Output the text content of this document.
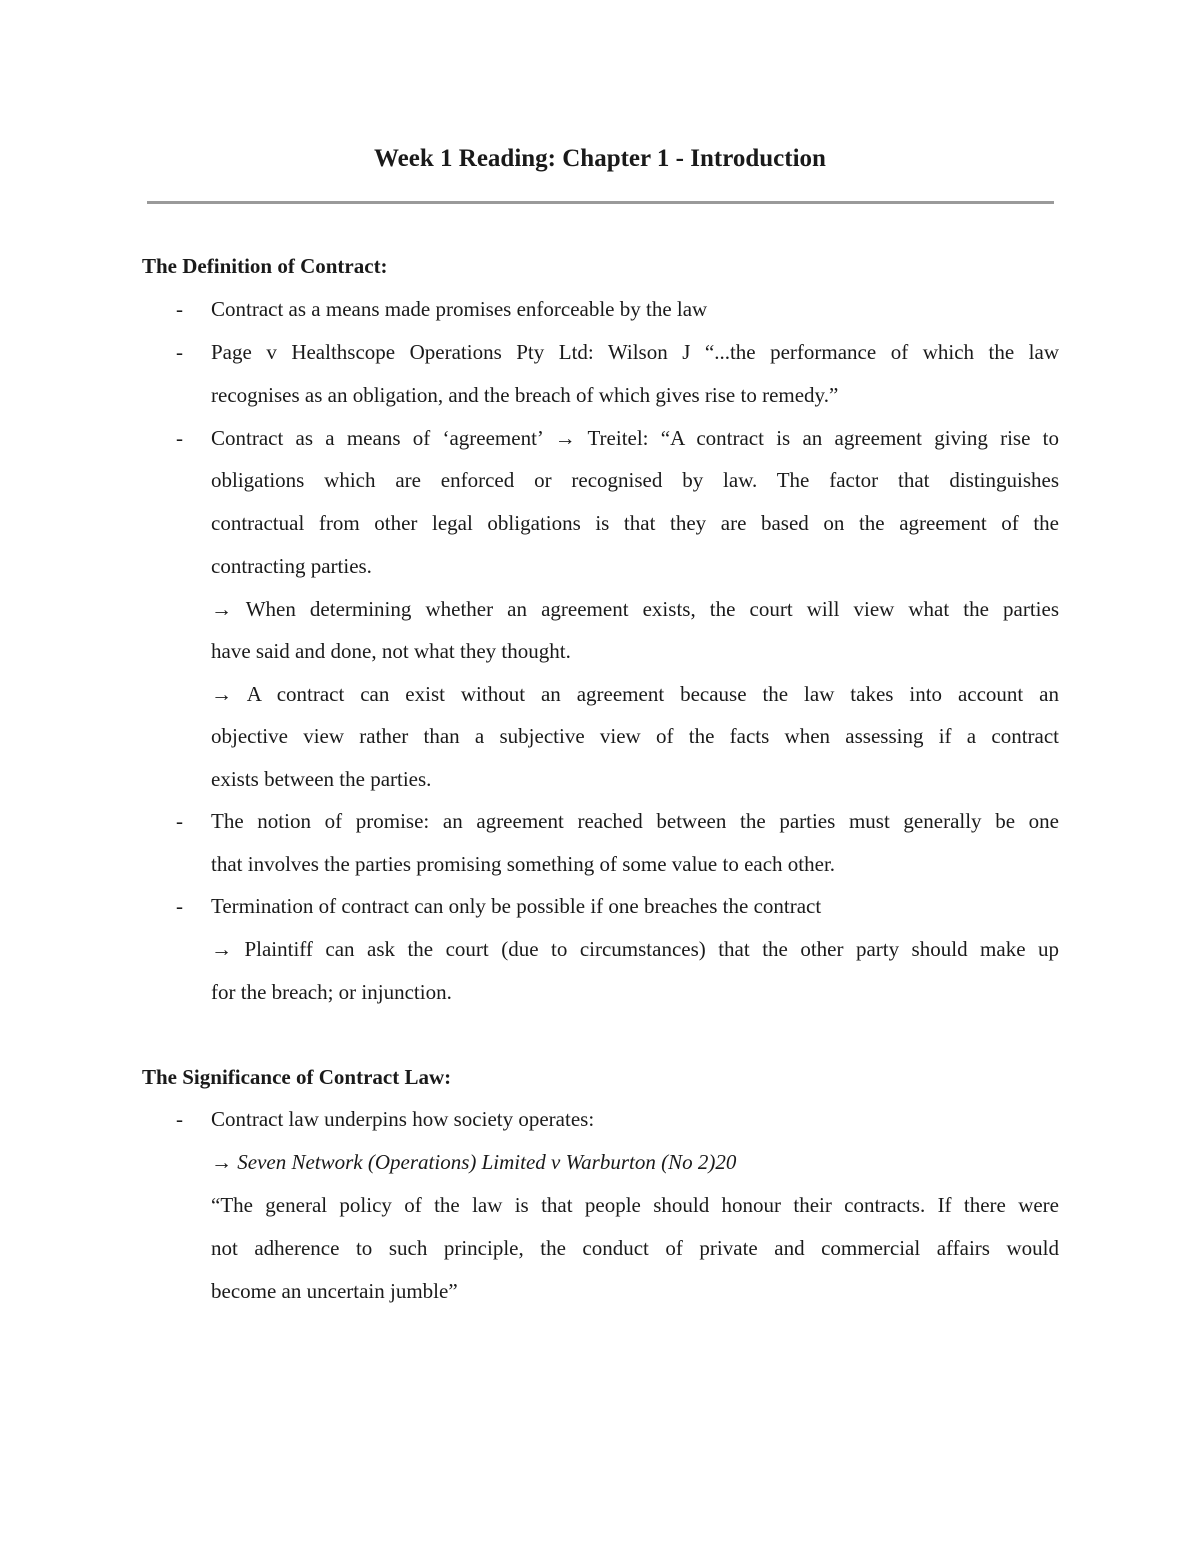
Week 1 Reading: Chapter 1 - Introduction

The Definition of Contract:

- Contract as a means made promises enforceable by the law

- Page v Healthscope Operations Pty Ltd: Wilson J “...the performance of which the law

recognises as an obligation, and the breach of which gives rise to remedy.”

- Contract as a means of ‘agreement’ → Treitel: “A contract is an agreement giving rise to

obligations which are enforced or recognised by law. The factor that distinguishes

contractual from other legal obligations is that they are based on the agreement of the

contracting parties.

→ When determining whether an agreement exists, the court will view what the parties

have said and done, not what they thought.

→ A contract can exist without an agreement because the law takes into account an

objective view rather than a subjective view of the facts when assessing if a contract

exists between the parties.

- The notion of promise: an agreement reached between the parties must generally be one

that involves the parties promising something of some value to each other.

- Termination of contract can only be possible if one breaches the contract

→ Plaintiff can ask the court (due to circumstances) that the other party should make up

for the breach; or injunction.

The Significance of Contract Law:

- Contract law underpins how society operates:

→ Seven Network (Operations) Limited v Warburton (No 2)20

“The general policy of the law is that people should honour their contracts. If there were

not adherence to such principle, the conduct of private and commercial affairs would

become an uncertain jumble”
